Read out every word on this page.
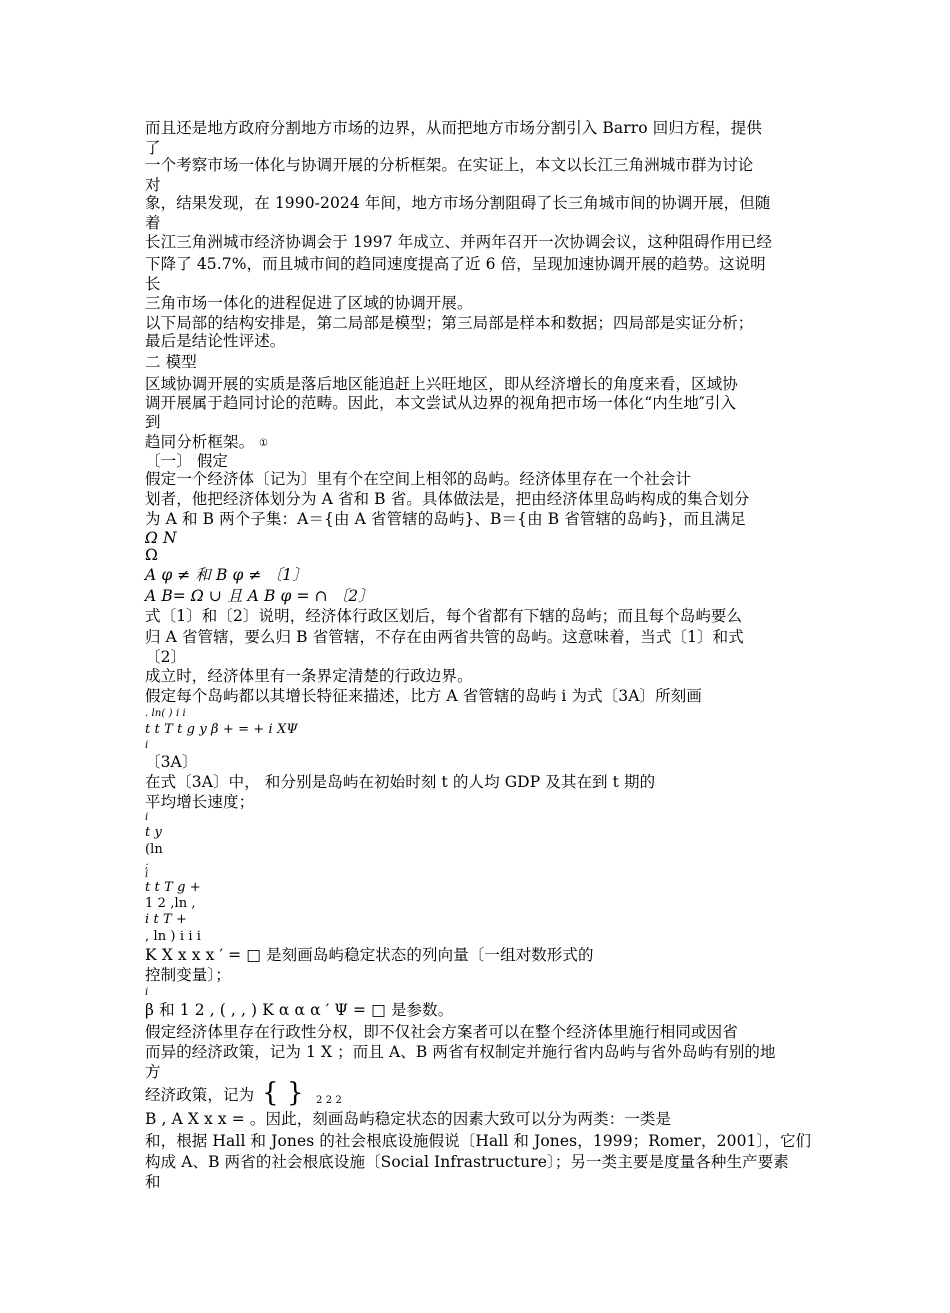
而且还是地方政府分割地方市场的边界，从而把地方市场分割引入 Barro 回归方程，提供
了
一个考察市场一体化与协调开展的分析框架。在实证上，本文以长江三角洲城市群为讨论
对
象，结果发现，在 1990-2024 年间，地方市场分割阻碍了长三角城市间的协调开展，但随
着
长江三角洲城市经济协调会于 1997 年成立、并两年召开一次协调会议，这种阻碍作用已经
下降了 45.7%，而且城市间的趋同速度提高了近 6 倍，呈现加速协调开展的趋势。这说明
长
三角市场一体化的进程促进了区域的协调开展。
以下局部的结构安排是，第二局部是模型；第三局部是样本和数据；四局部是实证分析；
最后是结论性评述。
二 模型
区域协调开展的实质是落后地区能追赶上兴旺地区，即从经济增长的角度来看，区域协
调开展属于趋同讨论的范畴。因此，本文尝试从边界的视角把市场一体化“内生地″引入
到
趋同分析框架。 ①
〔一〕 假定
假定一个经济体〔记为〕里有个在空间上相邻的岛屿。经济体里存在一个社会计
划者，他把经济体划分为 A 省和 B 省。具体做法是，把由经济体里岛屿构成的集合划分
为 A 和 B 两个子集：A＝{由 A 省管辖的岛屿}、B＝{由 B 省管辖的岛屿}，而且满足
Ω N
Ω
A φ ≠ 和 B φ ≠ 〔1〕
A B= Ω ∪ 且 A B φ = ∩ 〔2〕
式〔1〕和〔2〕说明，经济体行政区划后，每个省都有下辖的岛屿；而且每个岛屿要么
归 A 省管辖，要么归 B 省管辖，不存在由两省共管的岛屿。这意味着，当式〔1〕和式
〔2〕
成立时，经济体里有一条界定清楚的行政边界。
假定每个岛屿都以其增长特征来描述，比方 A 省管辖的岛屿 i 为式〔3A〕所刻画
. ln( ) i i
t t T t g y β + = + i XΨ
i
〔3A〕
在式〔3A〕中， 和分别是岛屿在初始时刻 t 的人均 GDP 及其在到 t 期的
平均增长速度；
i
t y
(ln
;
i
t t T g +
1 2 ,ln ,
i t T +
, ln ) i i i
K X x x x ′ = □ 是刻画岛屿稳定状态的列向量〔一组对数形式的
控制变量〕；
i
β 和 1 2 , ( , , ) K α α α ′ Ψ = □ 是参数。
假定经济体里存在行政性分权，即不仅社会方案者可以在整个经济体里施行相同或因省
而异的经济政策，记为 1 X ；而且 A、B 两省有权制定并施行省内岛屿与省外岛屿有别的地
方
经济政策，记为 { } 2 2 2
B , A X x x = 。因此，刻画岛屿稳定状态的因素大致可以分为两类：一类是
和，根据 Hall 和 Jones 的社会根底设施假说〔Hall 和 Jones，1999；Romer，2001〕，它们
构成 A、B 两省的社会根底设施〔Social Infrastructure〕；另一类主要是度量各种生产要素
和
